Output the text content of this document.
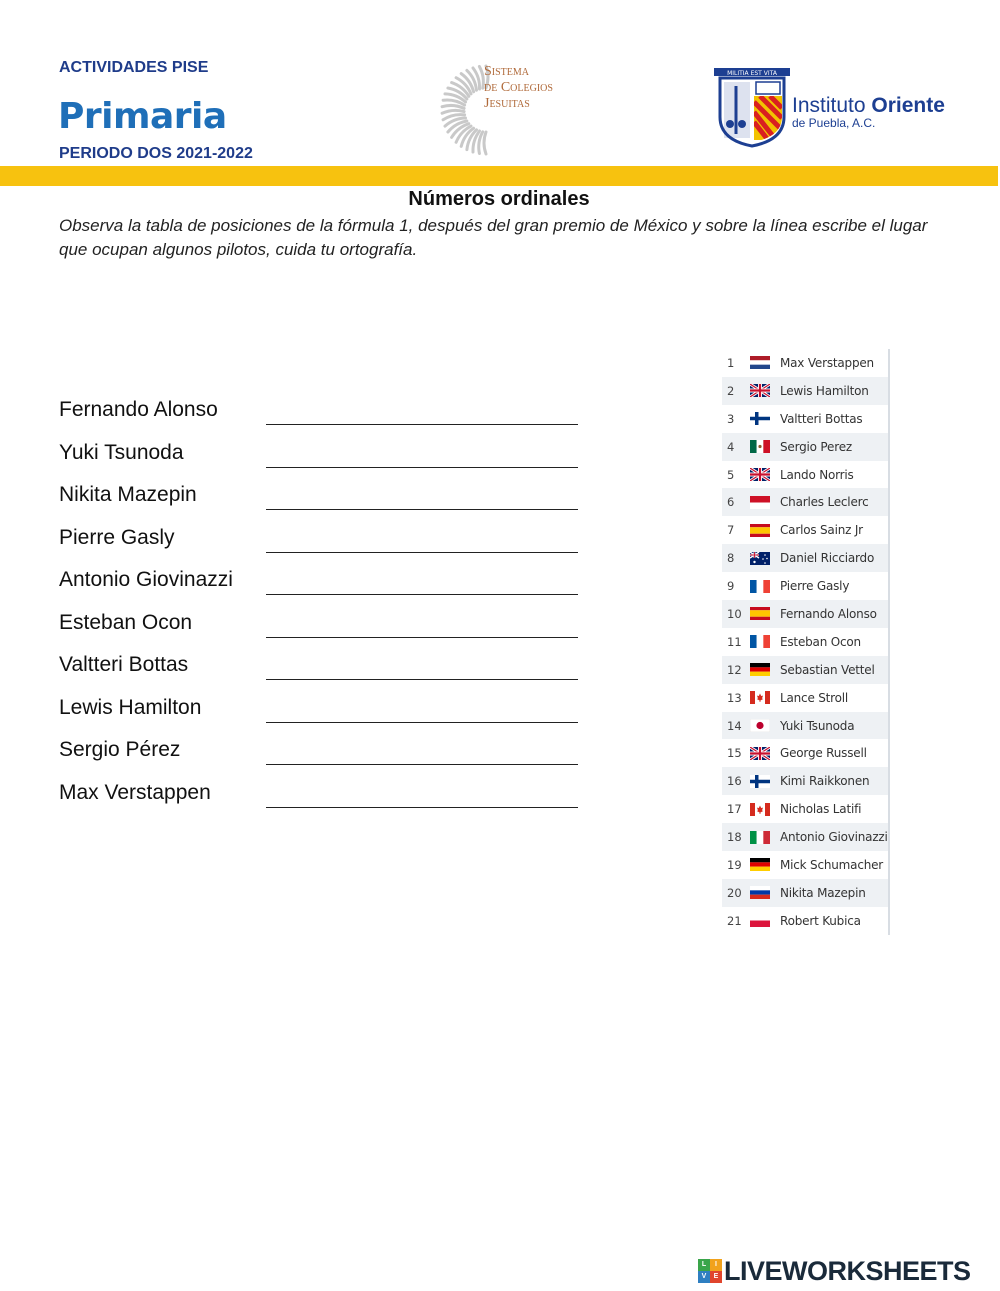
ACTIVIDADES PISE
Primaria
PERIODO DOS 2021-2022
Sistema
de Colegios
Jesuitas
MILITIA EST VITA
Instituto Oriente
de Puebla, A.C.
Números ordinales
Observa la tabla de posiciones de la fórmula 1, después del gran premio de México y sobre la línea escribe el lugar que ocupan algunos pilotos, cuida tu ortografía.
Fernando Alonso
Yuki Tsunoda
Nikita Mazepin
Pierre Gasly
Antonio Giovinazzi
Esteban Ocon
Valtteri Bottas
Lewis Hamilton
Sergio Pérez
Max Verstappen
1	Max Verstappen
2	Lewis Hamilton
3	Valtteri Bottas
4	Sergio Perez
5	Lando Norris
6	Charles Leclerc
7	Carlos Sainz Jr
8	Daniel Ricciardo
9	Pierre Gasly
10	Fernando Alonso
11	Esteban Ocon
12	Sebastian Vettel
13	Lance Stroll
14	Yuki Tsunoda
15	George Russell
16	Kimi Raikkonen
17	Nicholas Latifi
18	Antonio Giovinazzi
19	Mick Schumacher
20	Nikita Mazepin
21	Robert Kubica
L	I
V	E LIVEWORKSHEETS
